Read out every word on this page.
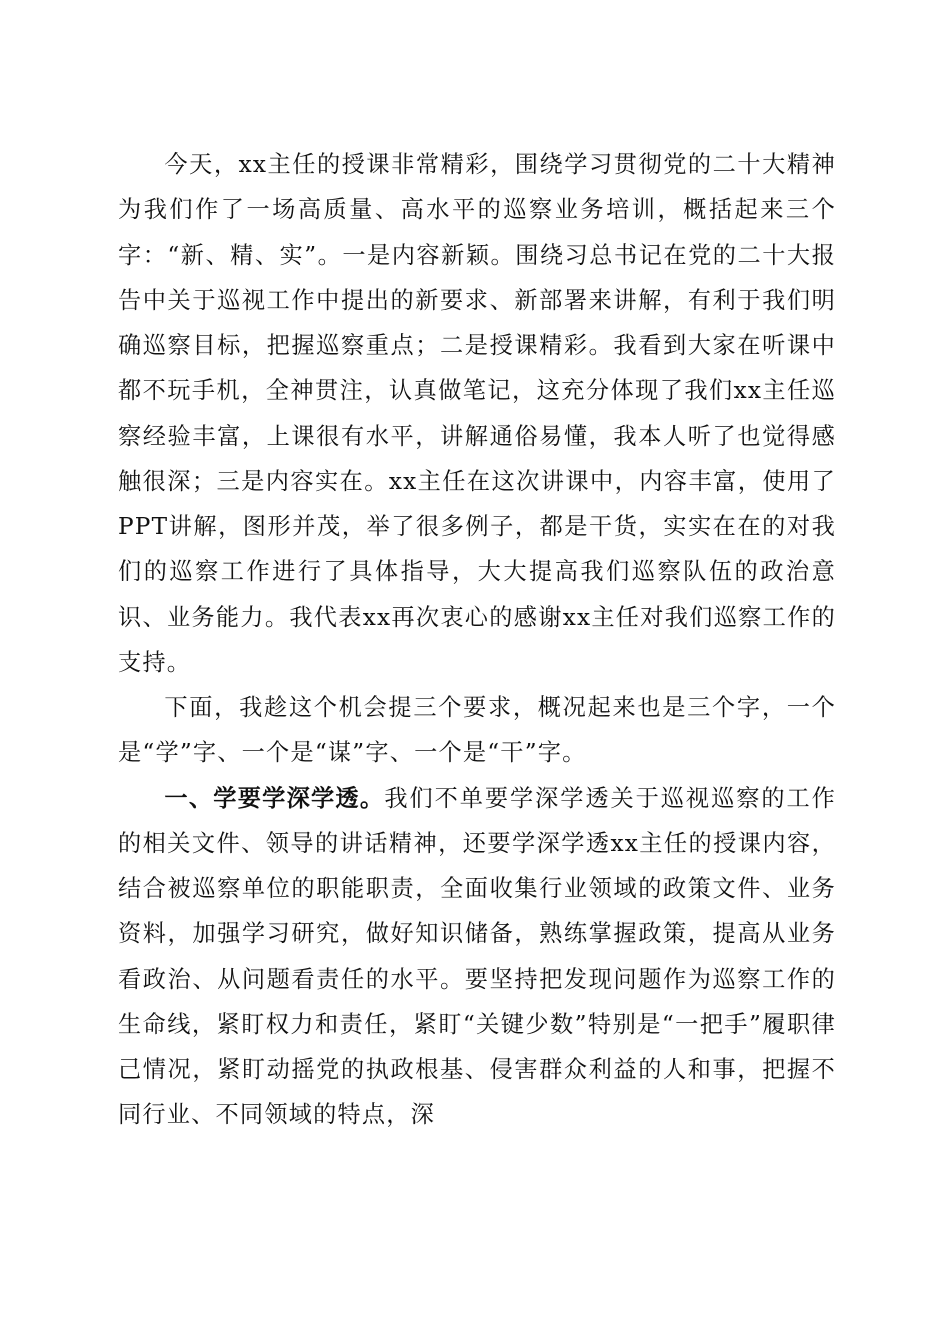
今天，xx主任的授课非常精彩，围绕学习贯彻党的二十大精神为我们作了一场高质量、高水平的巡察业务培训，概括起来三个字：“新、精、实”。一是内容新颖。围绕习总书记在党的二十大报告中关于巡视工作中提出的新要求、新部署来讲解，有利于我们明确巡察目标，把握巡察重点；二是授课精彩。我看到大家在听课中都不玩手机，全神贯注，认真做笔记，这充分体现了我们xx主任巡察经验丰富，上课很有水平，讲解通俗易懂，我本人听了也觉得感触很深；三是内容实在。xx主任在这次讲课中，内容丰富，使用了PPT讲解，图形并茂，举了很多例子，都是干货，实实在在的对我们的巡察工作进行了具体指导，大大提高我们巡察队伍的政治意识、业务能力。我代表xx再次衷心的感谢xx主任对我们巡察工作的支持。

下面，我趁这个机会提三个要求，概况起来也是三个字，一个是“学”字、一个是“谋”字、一个是“干”字。

一、学要学深学透。我们不单要学深学透关于巡视巡察的工作的相关文件、领导的讲话精神，还要学深学透xx主任的授课内容，结合被巡察单位的职能职责，全面收集行业领域的政策文件、业务资料，加强学习研究，做好知识储备，熟练掌握政策，提高从业务看政治、从问题看责任的水平。要坚持把发现问题作为巡察工作的生命线，紧盯权力和责任，紧盯“关键少数”特别是“一把手”履职律己情况，紧盯动摇党的执政根基、侵害群众利益的人和事，把握不同行业、不同领域的特点，深
